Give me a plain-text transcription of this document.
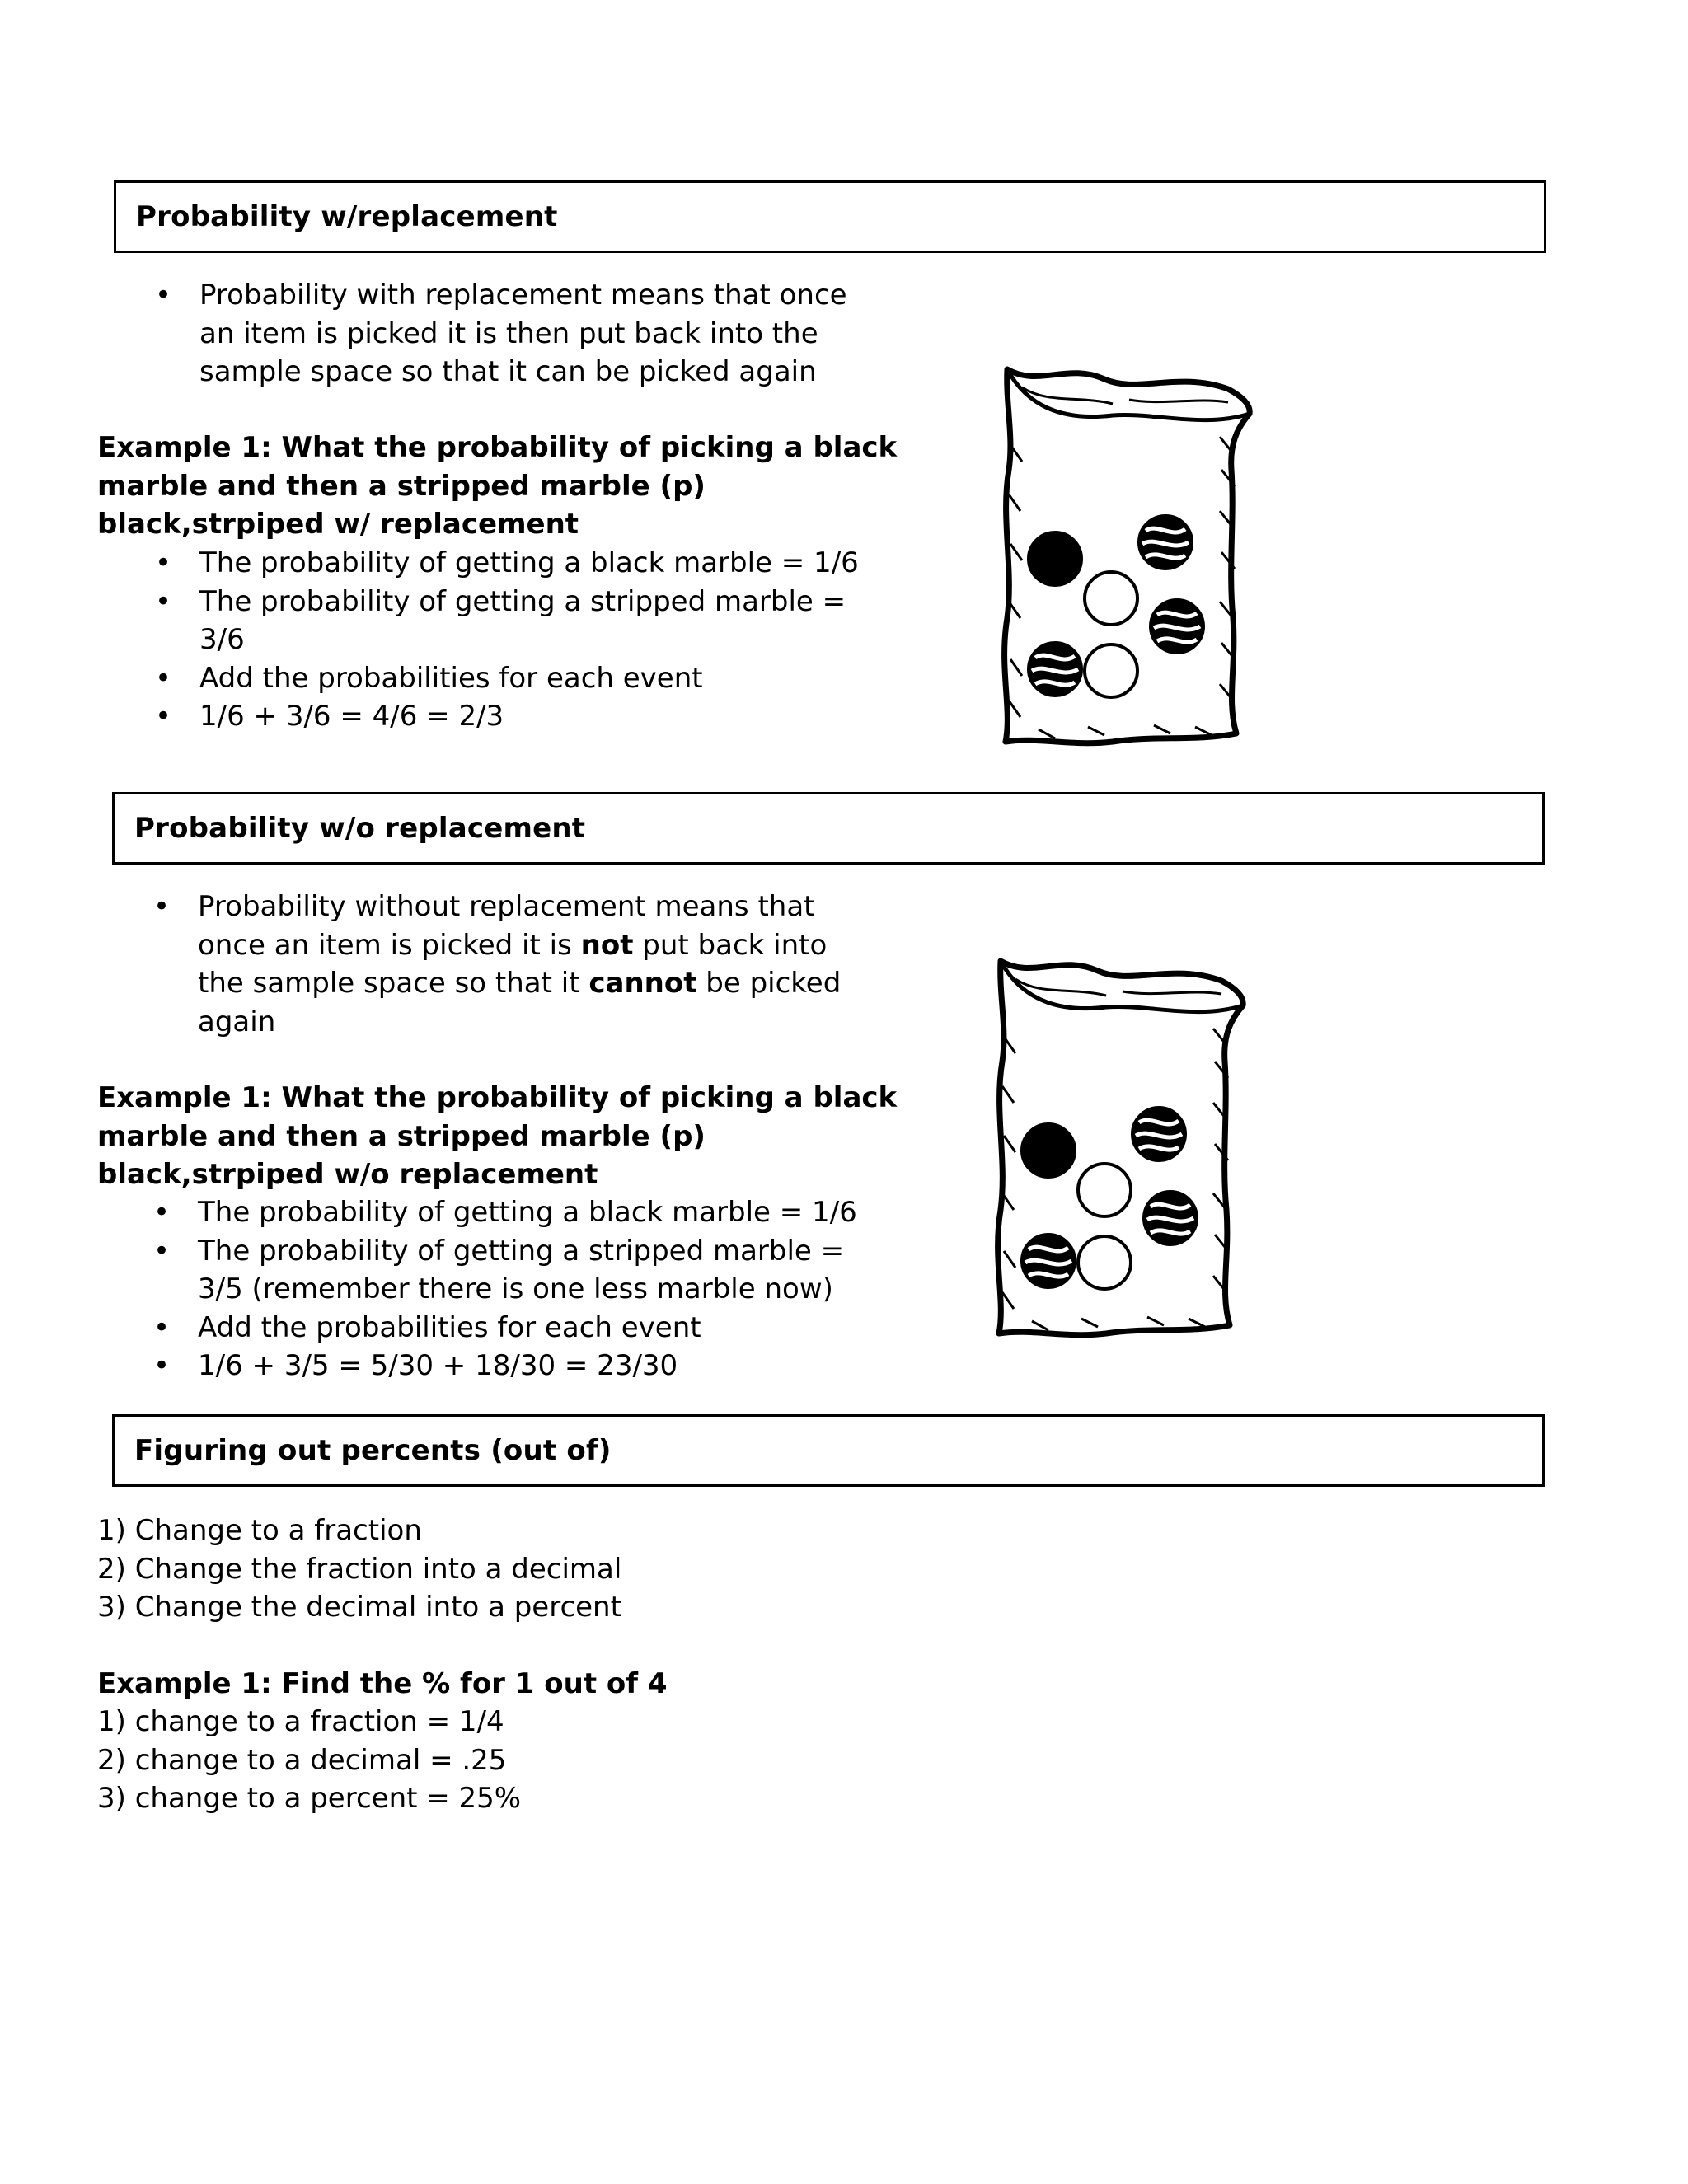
Probability w/replacement
• Probability with replacement means that once
an item is picked it is then put back into the
sample space so that it can be picked again
Example 1: What the probability of picking a black
marble and then a stripped marble (p)
black,strpiped w/ replacement
• The probability of getting a black marble = 1/6
• The probability of getting a stripped marble =
3/6
• Add the probabilities for each event
• 1/6 + 3/6 = 4/6 = 2/3
Probability w/o replacement
• Probability without replacement means that
once an item is picked it is not put back into
the sample space so that it cannot be picked
again
Example 1: What the probability of picking a black
marble and then a stripped marble (p)
black,strpiped w/o replacement
• The probability of getting a black marble = 1/6
• The probability of getting a stripped marble =
3/5 (remember there is one less marble now)
• Add the probabilities for each event
• 1/6 + 3/5 = 5/30 + 18/30 = 23/30
Figuring out percents (out of)
1) Change to a fraction
2) Change the fraction into a decimal
3) Change the decimal into a percent
Example 1: Find the % for 1 out of 4
1) change to a fraction = 1/4
2) change to a decimal = .25
3) change to a percent = 25%
